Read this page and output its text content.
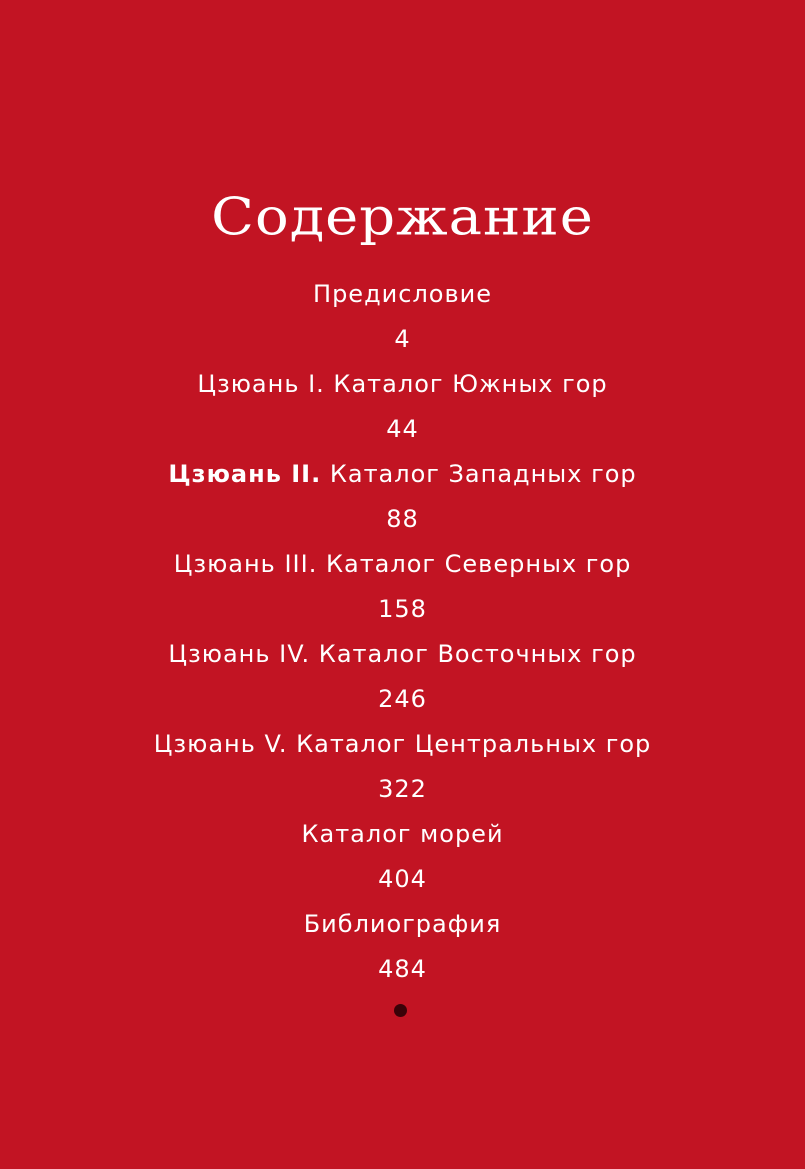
Содержание
Предисловие
4
Цзюань I. Каталог Южных гор
44
Цзюань II. Каталог Западных гор
88
Цзюань III. Каталог Северных гор
158
Цзюань IV. Каталог Восточных гор
246
Цзюань V. Каталог Центральных гор
322
Каталог морей
404
Библиография
484
